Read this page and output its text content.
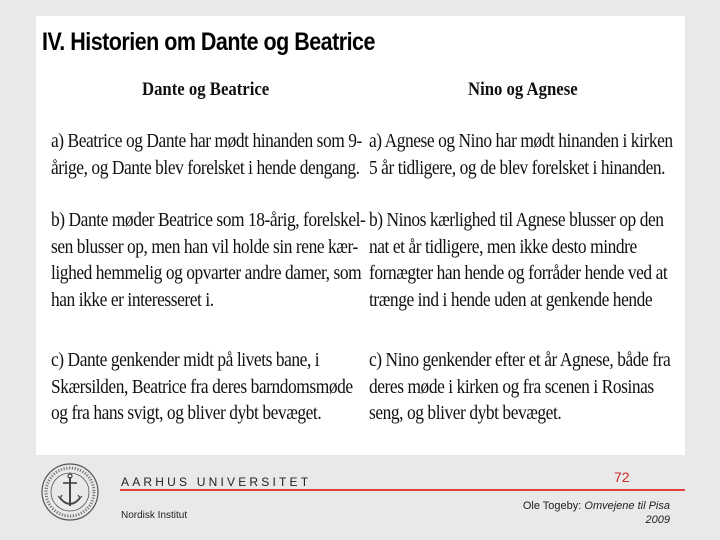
IV. Historien om Dante og Beatrice
Dante og Beatrice	Nino og Agnese
a) Beatrice og Dante har mødt hinanden som 9-
årige, og Dante blev forelsket i hende dengang.
b) Dante møder Beatrice som 18-årig, forelskel-
sen blusser op, men han vil holde sin rene kær-
lighed hemmelig og opvarter andre damer, som
han ikke er interesseret i.
c) Dante genkender midt på livets bane, i
Skærsilden, Beatrice fra deres barndomsmøde
og fra hans svigt, og bliver dybt bevæget.
a) Agnese og Nino har mødt hinanden i kirken
5 år tidligere, og de blev forelsket i hinanden.
b) Ninos kærlighed til Agnese blusser op den
nat et år tidligere, men ikke desto mindre
fornægter han hende og forråder hende ved at
trænge ind i hende uden at genkende hende
c) Nino genkender efter et år Agnese, både fra
deres møde i kirken og fra scenen i Rosinas
seng, og bliver dybt bevæget.
AARHUS UNIVERSITET	72
Nordisk Institut
Ole Togeby: Omvejene til Pisa
2009
